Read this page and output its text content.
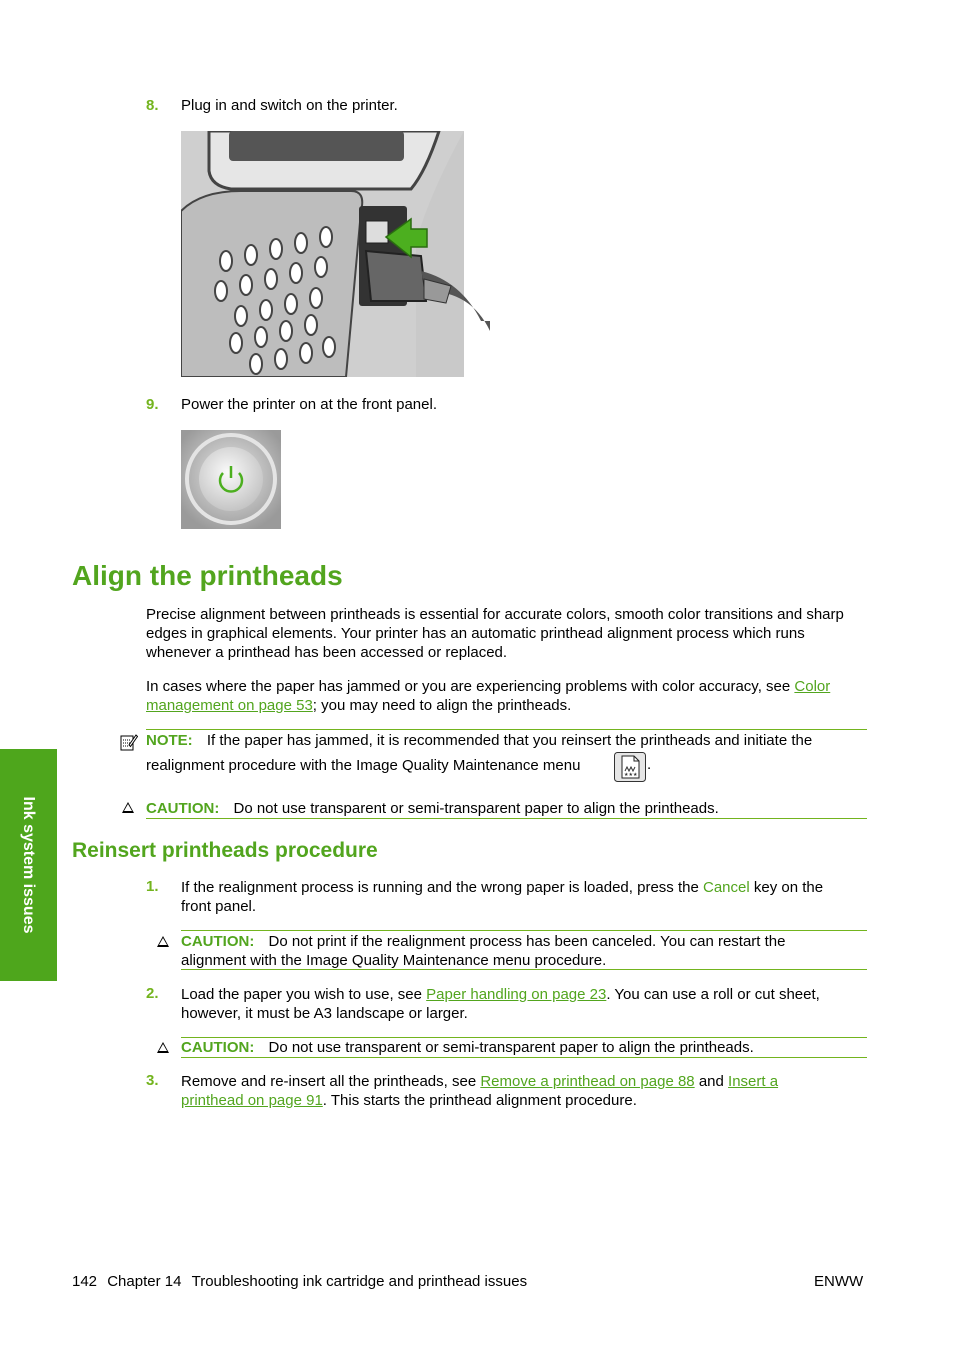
8. Plug in and switch on the printer.
9. Power the printer on at the front panel.
Align the printheads
Precise alignment between printheads is essential for accurate colors, smooth color transitions and sharp edges in graphical elements. Your printer has an automatic printhead alignment process which runs whenever a printhead has been accessed or replaced.
In cases where the paper has jammed or you are experiencing problems with color accuracy, see Color management on page 53; you may need to align the printheads.
NOTE: If the paper has jammed, it is recommended that you reinsert the printheads and initiate the
realignment procedure with the Image Quality Maintenance menu
★★★
.
CAUTION: Do not use transparent or semi-transparent paper to align the printheads.
Reinsert printheads procedure
1. If the realignment process is running and the wrong paper is loaded, press the Cancel key on the
front panel.
CAUTION: Do not print if the realignment process has been canceled. You can restart the
alignment with the Image Quality Maintenance menu procedure.
2. Load the paper you wish to use, see Paper handling on page 23. You can use a roll or cut sheet,
however, it must be A3 landscape or larger.
CAUTION: Do not use transparent or semi-transparent paper to align the printheads.
3. Remove and re-insert all the printheads, see Remove a printhead on page 88 and Insert a
printhead on page 91. This starts the printhead alignment procedure.
Ink system issues
142 Chapter 14 Troubleshooting ink cartridge and printhead issues	ENWW
